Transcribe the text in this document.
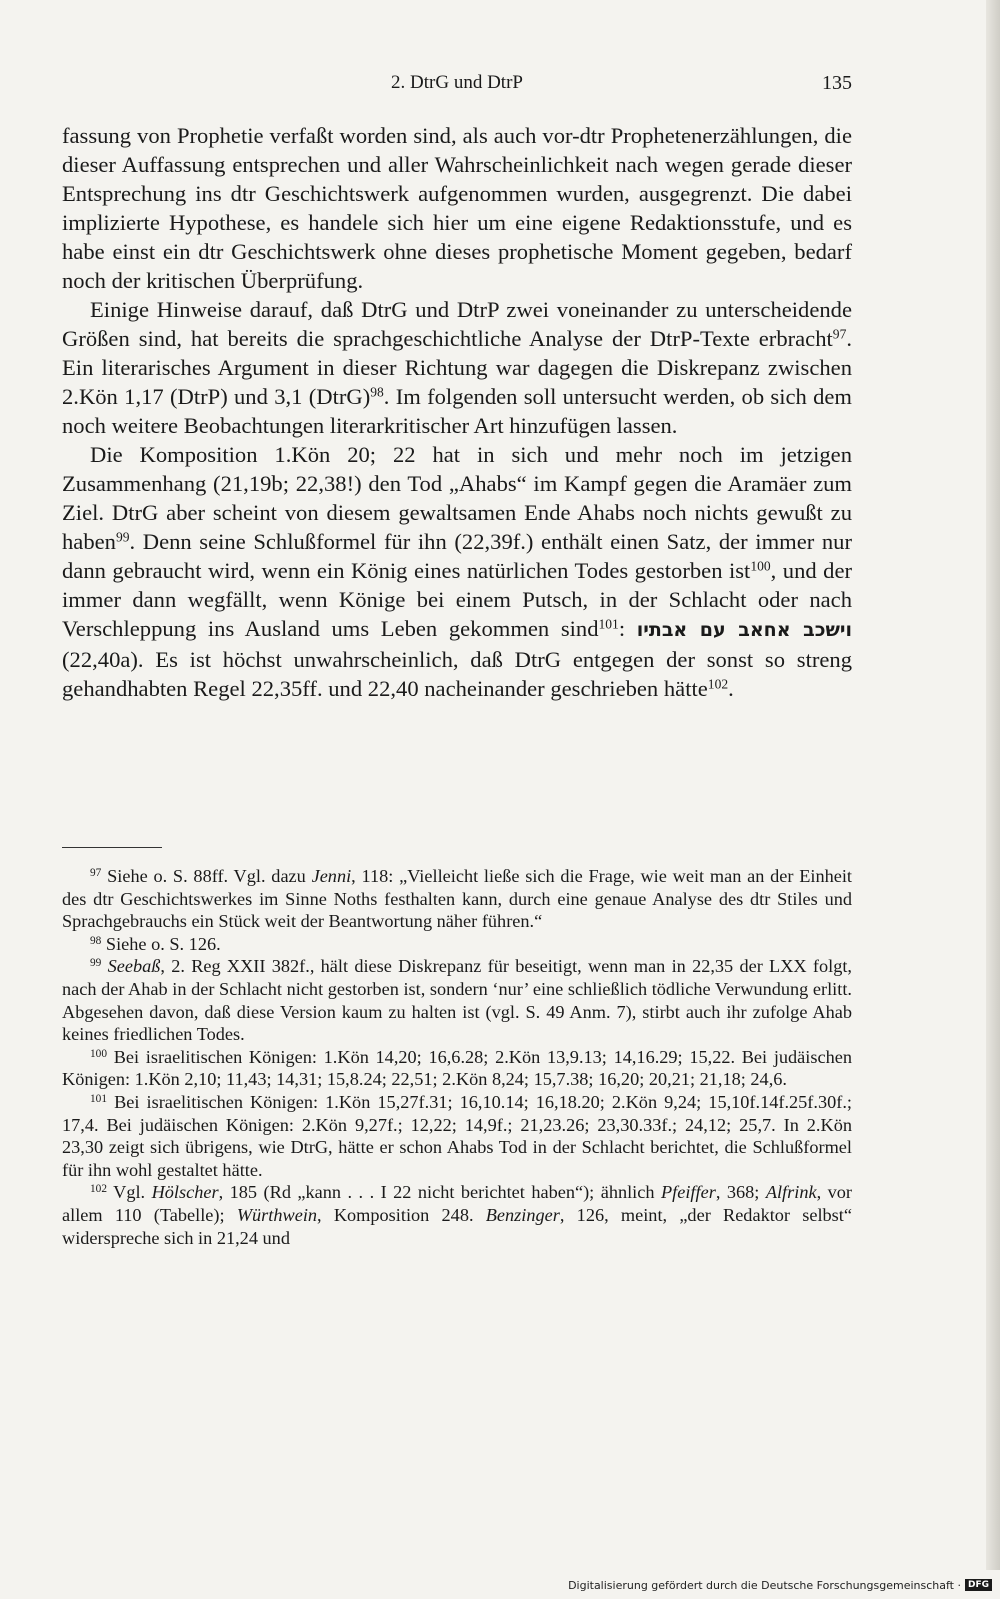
2. DtrG und DtrP	135

fassung von Prophetie verfaßt worden sind, als auch vor-dtr Prophetenerzählungen, die dieser Auffassung entsprechen und aller Wahrscheinlichkeit nach wegen gerade dieser Entsprechung ins dtr Geschichtswerk aufgenommen wurden, ausgegrenzt. Die dabei implizierte Hypothese, es handele sich hier um eine eigene Redaktionsstufe, und es habe einst ein dtr Geschichtswerk ohne dieses prophetische Moment gegeben, bedarf noch der kritischen Überprüfung.

Einige Hinweise darauf, daß DtrG und DtrP zwei voneinander zu unterscheidende Größen sind, hat bereits die sprachgeschichtliche Analyse der DtrP-Texte erbracht$^{97}$. Ein literarisches Argument in dieser Richtung war dagegen die Diskrepanz zwischen 2.Kön 1,17 (DtrP) und 3,1 (DtrG)$^{98}$. Im folgenden soll untersucht werden, ob sich dem noch weitere Beobachtungen literarkritischer Art hinzufügen lassen.

Die Komposition 1.Kön 20; 22 hat in sich und mehr noch im jetzigen Zusammenhang (21,19b; 22,38!) den Tod „Ahabs“ im Kampf gegen die Aramäer zum Ziel. DtrG aber scheint von diesem gewaltsamen Ende Ahabs noch nichts gewußt zu haben$^{99}$. Denn seine Schlußformel für ihn (22,39f.) enthält einen Satz, der immer nur dann gebraucht wird, wenn ein König eines natürlichen Todes gestorben ist$^{100}$, und der immer dann wegfällt, wenn Könige bei einem Putsch, in der Schlacht oder nach Verschleppung ins Ausland ums Leben gekommen sind$^{101}$: וישכב אחאב עם אבתיו (22,40a). Es ist höchst unwahrscheinlich, daß DtrG entgegen der sonst so streng gehandhabten Regel 22,35ff. und 22,40 nacheinander geschrieben hätte$^{102}$.

$^{97}$ Siehe o. S. 88ff. Vgl. dazu Jenni, 118: „Vielleicht ließe sich die Frage, wie weit man an der Einheit des dtr Geschichtswerkes im Sinne Noths festhalten kann, durch eine genaue Analyse des dtr Stiles und Sprachgebrauchs ein Stück weit der Beantwortung näher führen.“

$^{98}$ Siehe o. S. 126.

$^{99}$ Seebaß, 2. Reg XXII 382f., hält diese Diskrepanz für beseitigt, wenn man in 22,35 der LXX folgt, nach der Ahab in der Schlacht nicht gestorben ist, sondern ‘nur’ eine schließlich tödliche Verwundung erlitt. Abgesehen davon, daß diese Version kaum zu halten ist (vgl. S. 49 Anm. 7), stirbt auch ihr zufolge Ahab keines friedlichen Todes.

$^{100}$ Bei israelitischen Königen: 1.Kön 14,20; 16,6.28; 2.Kön 13,9.13; 14,16.29; 15,22. Bei judäischen Königen: 1.Kön 2,10; 11,43; 14,31; 15,8.24; 22,51; 2.Kön 8,24; 15,7.38; 16,20; 20,21; 21,18; 24,6.

$^{101}$ Bei israelitischen Königen: 1.Kön 15,27f.31; 16,10.14; 16,18.20; 2.Kön 9,24; 15,10f.14f.25f.30f.; 17,4. Bei judäischen Königen: 2.Kön 9,27f.; 12,22; 14,9f.; 21,23.26; 23,30.33f.; 24,12; 25,7. In 2.Kön 23,30 zeigt sich übrigens, wie DtrG, hätte er schon Ahabs Tod in der Schlacht berichtet, die Schlußformel für ihn wohl gestaltet hätte.

$^{102}$ Vgl. Hölscher, 185 (Rd „kann . . . I 22 nicht berichtet haben“); ähnlich Pfeiffer, 368; Alfrink, vor allem 110 (Tabelle); Würthwein, Komposition 248. Benzinger, 126, meint, „der Redaktor selbst“ widerspreche sich in 21,24 und

Digitalisierung gefördert durch die Deutsche Forschungsgemeinschaft · DFG
